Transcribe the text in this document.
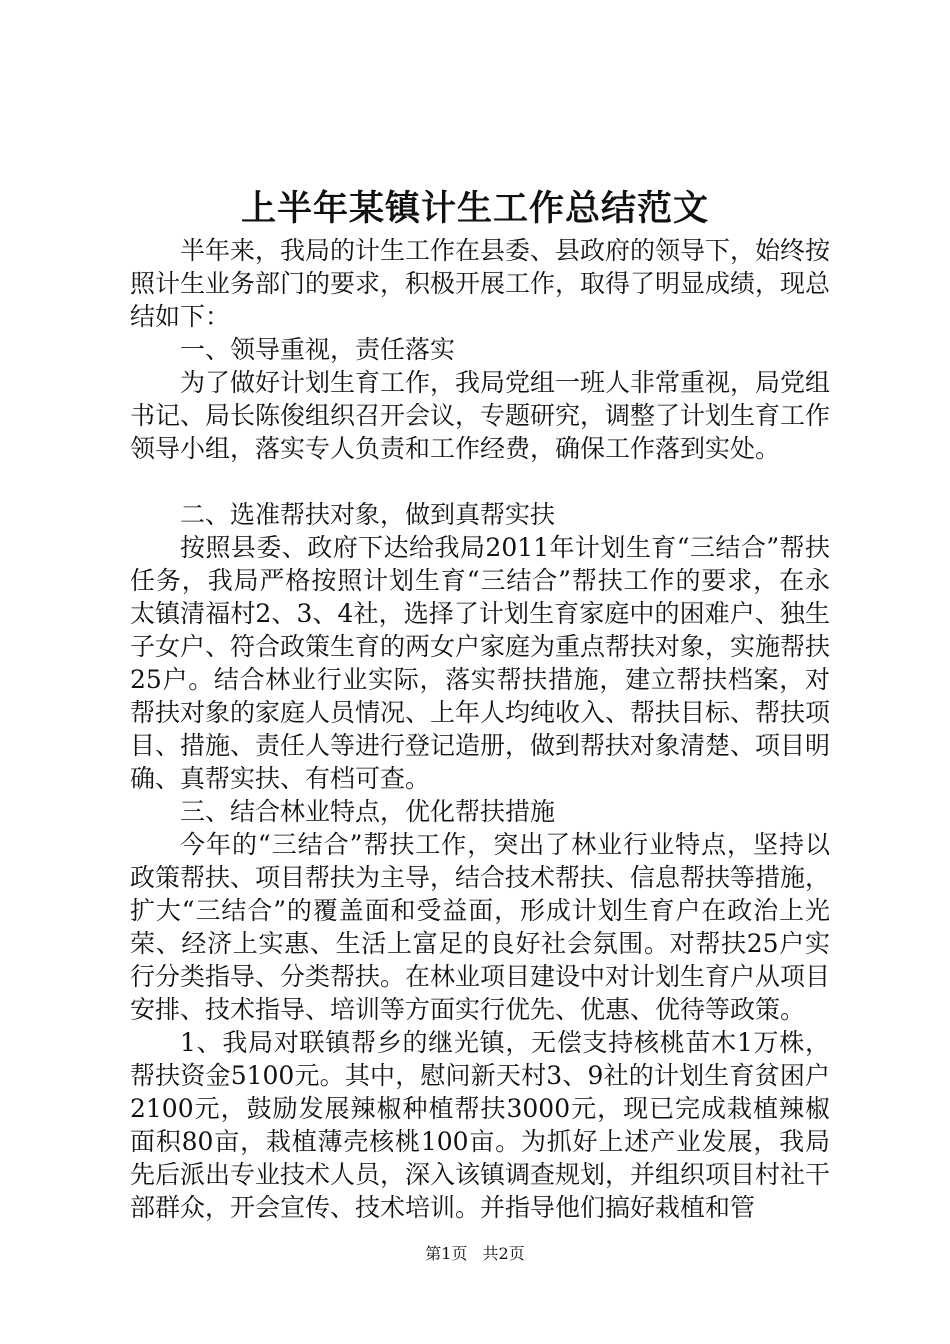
上半年某镇计生工作总结范文

半年来，我局的计生工作在县委、县政府的领导下，始终按照计生业务部门的要求，积极开展工作，取得了明显成绩，现总结如下：

一、领导重视，责任落实

为了做好计划生育工作，我局党组一班人非常重视，局党组书记、局长陈俊组织召开会议，专题研究，调整了计划生育工作领导小组，落实专人负责和工作经费，确保工作落到实处。

二、选准帮扶对象，做到真帮实扶

按照县委、政府下达给我局2011年计划生育“三结合”帮扶任务，我局严格按照计划生育“三结合”帮扶工作的要求，在永太镇清福村2、3、4社，选择了计划生育家庭中的困难户、独生子女户、符合政策生育的两女户家庭为重点帮扶对象，实施帮扶25户。结合林业行业实际，落实帮扶措施，建立帮扶档案，对帮扶对象的家庭人员情况、上年人均纯收入、帮扶目标、帮扶项目、措施、责任人等进行登记造册，做到帮扶对象清楚、项目明确、真帮实扶、有档可查。

三、结合林业特点，优化帮扶措施

今年的“三结合”帮扶工作，突出了林业行业特点，坚持以政策帮扶、项目帮扶为主导，结合技术帮扶、信息帮扶等措施，扩大“三结合”的覆盖面和受益面，形成计划生育户在政治上光荣、经济上实惠、生活上富足的良好社会氛围。对帮扶25户实行分类指导、分类帮扶。在林业项目建设中对计划生育户从项目安排、技术指导、培训等方面实行优先、优惠、优待等政策。

1、我局对联镇帮乡的继光镇，无偿支持核桃苗木1万株，帮扶资金5100元。其中，慰问新天村3、9社的计划生育贫困户2100元，鼓励发展辣椒种植帮扶3000元，现已完成栽植辣椒面积80亩，栽植薄壳核桃100亩。为抓好上述产业发展，我局先后派出专业技术人员，深入该镇调查规划，并组织项目村社干部群众，开会宣传、技术培训。并指导他们搞好栽植和管

第1页 共2页
